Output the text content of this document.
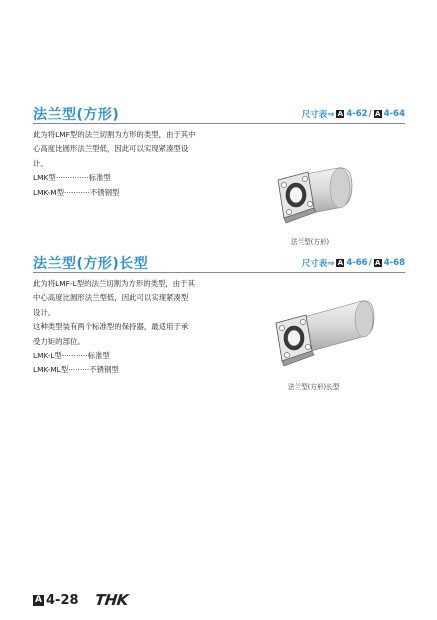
法兰型(方形)	尺寸表⇒ A 4-62 / A 4-64

此为将LMF型的法兰切割为方形的类型，由于其中

心高度比圆形法兰型低，因此可以实现紧凑型设

计。

LMK型··············标准型

LMK-M型···········不锈钢型

法兰型(方形)
法兰型(方形)长型	尺寸表⇒ A 4-66 / A 4-68

此为将LMF-L型的法兰切割为方形的类型，由于其

中心高度比圆形法兰型低，因此可以实现紧凑型

设计。

这种类型装有两个标准型的保持器，最适用于承

受力矩的部位。

LMK-L型···········标准型

LMK-ML型·········不锈钢型

法兰型(方形)长型
A 4-28 THK
